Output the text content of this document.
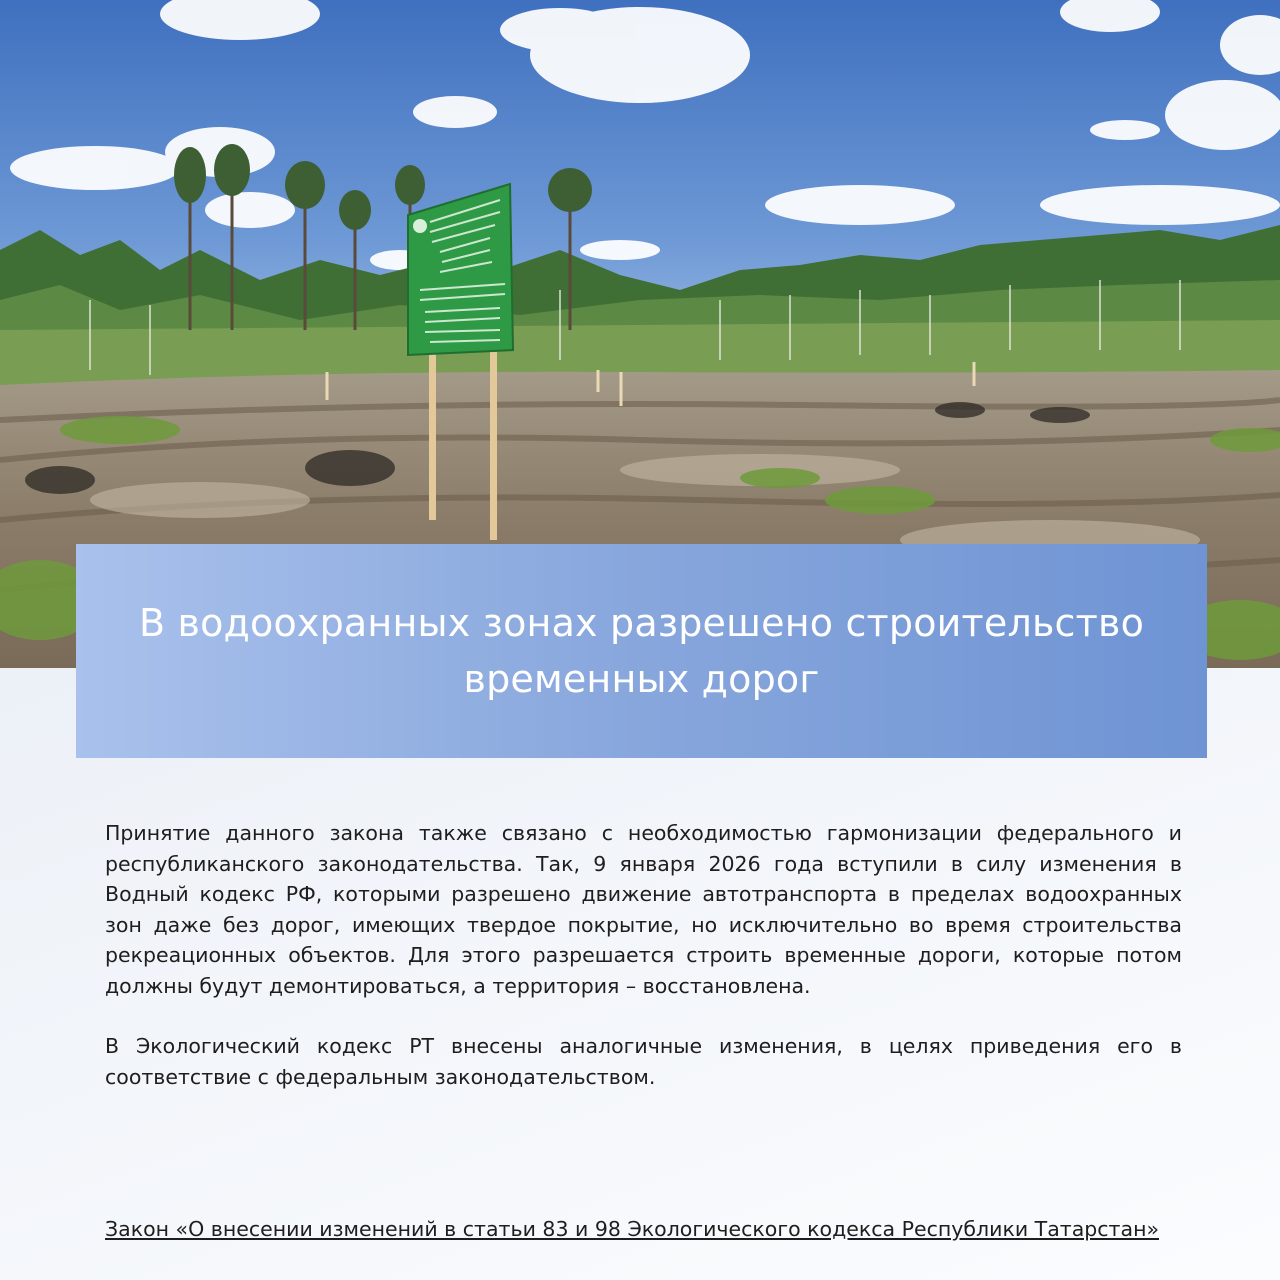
В водоохранных зонах разрешено строительство временных дорог

Принятие данного закона также связано с необходимостью гармонизации федерального и республиканского законодательства. Так, 9 января 2026 года вступили в силу изменения в Водный кодекс РФ, которыми разрешено движение автотранспорта в пределах водоохранных зон даже без дорог, имеющих твердое покрытие, но исключительно во время строительства рекреационных объектов. Для этого разрешается строить временные дороги, которые потом должны будут демонтироваться, а территория – восстановлена.

В Экологический кодекс РТ внесены аналогичные изменения, в целях приведения его в соответствие с федеральным законодательством.

Закон «О внесении изменений в статьи 83 и 98 Экологического кодекса Республики Татарстан»
